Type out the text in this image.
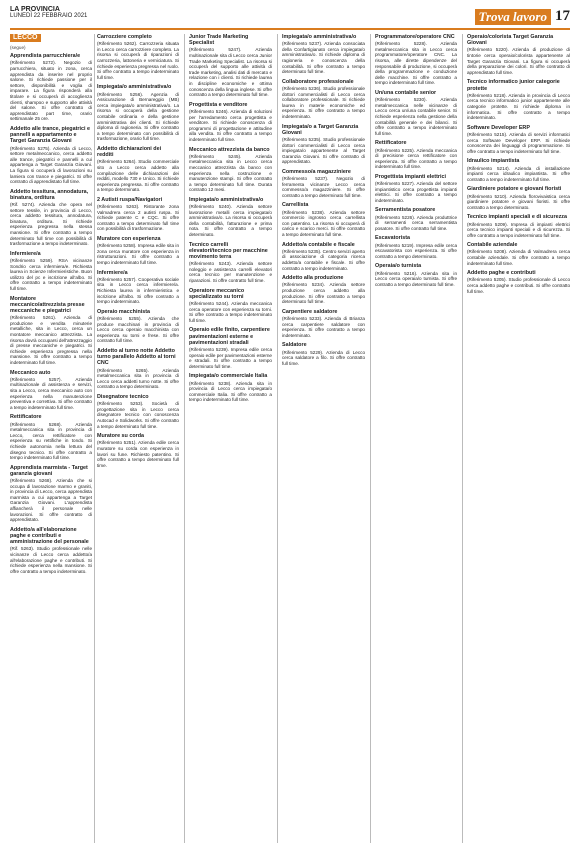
LA PROVINCIA
LUNEDÌ 22 FEBBRAIO 2021	Trova lavoro 17
LECCO
(segue)
Apprendista parrucchiera/e
(Riferimento 5272). Negozio di parrucchiera, situato in zona, cerca apprendista da inserire nel proprio salone. Si richiede passione per il settore, disponibilità e voglia di imparare. La figura risponderà alla titolare e si occuperà di accoglienza clienti, shampoo e supporto alle attività del salone. Si offre contratto di apprendistato part time, orario settimanale 25 ore.
Addetto alle trance, piegatrici e pannelli a appartamento e Target Garanzia Giovani
(Riferimento 5275). Azienda di Lecco, settore metalmeccanico, cerca addetto alle trance, piegatrici e pannelli a cui appartenga a Target Garanzia Giovani. La figura si occuperà di lavorazioni su lamiera con trance e piegatrici. Si offre contratto di apprendistato full time.
Addetto tessitura, annodatura, binatura, orditura
(Rif. 5274). Azienda che opera nel settore tessile, in provincia di Lecco, cerca addetto tessitura, annodatura, binatura, orditura. Si richiede esperienza pregressa nella stessa mansione. Si offre contratto a tempo determinato full time con possibilità di trasformazione a tempo indeterminato.
Infermiere/a
(Riferimento 5259). RSA vicinanze Sondrio cerca infermiera/e. Richiesta laurea in Scienze Infermieristiche. Buon utilizzo del pc e iscrizione all'albo. Si offre contratto a tempo indeterminato full time.
Montatore meccanico/attrezzista presse meccaniche e piegatrici
(Riferimento 5261). Azienda di produzione e vendita minuterie metalliche, sita in Lecco, cerca un montatore meccanico attrezzista. La risorsa dovrà occuparsi dell'attrezzaggio di presse meccaniche e piegatrici. Si richiede esperienza pregressa nella mansione. Si offre contratto a tempo indeterminato full time.
Meccanico auto
(Riferimento 5257). Azienda multinazionale di assistenza e servizi, sita a Lecco, cerca meccanico auto con esperienza nella manutenzione preventiva e correttiva. Si offre contratto a tempo indeterminato full time.
Rettificatore
(Riferimento 5268). Azienda metalmeccanica sita in provincia di Lecco, cerca rettificatore con esperienza su rettifiche in tondo. Si richiede autonomia nella lettura del disegno tecnico. Si offre contratto a tempo indeterminato full time.
Apprendista marmista - Target garanzia giovani
(Riferimento 5268). Azienda che si occupa di lavorazione marmo e graniti, in provincia di Lecco, cerca apprendista marmista a cui appartenga a Target Garanzia Giovani. L'apprendista affiancherà il personale nelle lavorazioni. Si offre contratto di apprendistato.
Addetto/a all'elaborazione paghe e contributi e amministrazione del personale
(Rif. 5263). Studio professionale nelle vicinanze di Lecco cerca addetto/a all'elaborazione paghe e contributi. Si richiede esperienza nella mansione. Si offre contratto a tempo indeterminato.
Carrozziere completo
(Riferimento 5262). Carrozzeria situata in Lecco cerca carrozziere completo. La risorsa si occuperà di riparazioni di carrozzeria, lattoneria e verniciatura. Si richiede esperienza pregressa nel ruolo. Si offre contratto a tempo indeterminato full time.
Impiegata/o amministrativa/o
(Riferimento 5256). Agenzia di Assicurazione di Bernareggio (MB) cerca impiegata/o amministrativa/o. La risorsa si occuperà della gestione contabile ordinaria e della gestione amministrativa dei clienti. Si richiede diploma di ragioneria. Si offre contratto a tempo determinato con possibilità di trasformazione, orario full time.
Addetto dichiarazioni dei redditi
(Riferimento 5264). Studio commerciale sito a Lecco cerca addetto alla compilazione delle dichiarazioni dei redditi, modello 730 e Unico. Si richiede esperienza pregressa. Si offre contratto a tempo determinato.
2 Autisti ruspa/Navigatori
(Riferimento 5263). Ristorante zona Valmadrera cerca 2 autisti ruspa. Si richiede patente C e CQC. Si offre contratto a tempo determinato full time con possibilità di trasformazione.
Muratore con esperienza
(Riferimento 5258). Impresa edile sita in zona cerca muratore con esperienza in ristrutturazioni. Si offre contratto a tempo indeterminato full time.
Infermiere/a
(Riferimento 5257). Cooperativa sociale sita in Lecco cerca infermiere/a. Richiesta laurea in infermieristica e iscrizione all'albo. Si offre contratto a tempo indeterminato.
Operaio macchinista
(Riferimento 5255). Azienda che produce macchinari in provincia di Lecco cerca operaio macchinista con esperienza su torni e frese. Si offre contratto full time.
Addetto al turno notte Addetto turno parallelo Addetto al torni CNC
(Riferimento 5265). Azienda metalmeccanica sita in provincia di Lecco cerca addetti turno notte. Si offre contratto a tempo determinato.
Disegnatore tecnico
(Riferimento 5253). Società di progettazione sita in Lecco cerca disegnatore tecnico con conoscenza Autocad e Solidworks. Si offre contratto a tempo determinato full time.
Muratore su corda
(Riferimento 5251). Azienda edile cerca muratore su corda con esperienza in lavori su fune. Richiesto patentino. Si offre contratto a tempo determinato full time.
Junior Trade Marketing Specialist
(Riferimento 5247). Azienda multinazionale sita di Lecco cerca Junior Trade Marketing Specialist. La risorsa si occuperà del supporto alle attività di trade marketing, analisi dati di mercato e relazione con i clienti. Si richiede laurea in discipline economiche e ottima conoscenza della lingua inglese. Si offre contratto a tempo determinato full time.
Progettista e venditore
(Riferimento 5246). Azienda di soluzioni per l'arredamento cerca progettista e venditore. Si richiede conoscenza di programmi di progettazione e attitudine alla vendita. Si offre contratto a tempo indeterminato full time.
Meccanico attrezzista da banco
(Riferimento 5245). Azienda metalmeccanica sita in Lecco cerca meccanico attrezzista da banco con esperienza nella costruzione e manutenzione stampi. Si offre contratto a tempo determinato full time. Durata contratto 12 mesi.
Impiegata/o amministrativa/o
(Riferimento 5240). Azienda settore lavorazione metalli cerca impiegata/o amministrativa/o. La risorsa si occuperà della contabilità, fatturazione e prima nota. Si offre contratto a tempo determinato.
Tecnico carrelli elevatori/tecnico per macchine movimento terra
(Riferimento 5243). Azienda settore noleggio e assistenza carrelli elevatori cerca tecnico per manutenzione e riparazioni. Si offre contratto full time.
Operatore meccanico specializzato su torni
(Riferimento 5244). Azienda meccanica cerca operatore con esperienza su torni. Si offre contratto a tempo indeterminato full time.
Operaio edile finito, carpentiere pavimentazioni esterne e pavimentazioni stradali
(Riferimento 5239). Impresa edile cerca operaio edile per pavimentazioni esterne e stradali. Si offre contratto a tempo determinato full time.
Impiegata/o commerciale Italia
(Riferimento 5238). Azienda sita in provincia di Lecco cerca impiegata/o commerciale Italia. Si offre contratto a tempo indeterminato full time.
Impiegata/o amministrativa/o
(Riferimento 5237). Azienda consociata della Confartigianato cerca impiegata/o amministrativa/o. Si richiede diploma di ragioneria e conoscenza della contabilità. Si offre contratto a tempo determinato full time.
Collaboratore professionale
(Riferimento 5236). Studio professionale dottori commercialisti di Lecco cerca collaboratore professionale. Si richiede laurea in materie economiche ed esperienza. Si offre contratto a tempo indeterminato.
Impiegata/o a Target Garanzia Giovani
(Riferimento 5235). Studio professionale dottori commercialisti di Lecco cerca impiegata/o appartenente al Target Garanzia Giovani. Si offre contratto di apprendistato.
Commesso/a magazziniere
(Riferimento 5237). Negozio di ferramenta vicinanze Lecco cerca commesso/a magazziniere. Si offre contratto a tempo determinato full time.
Carrellista
(Riferimento 5238). Azienda settore commercio ingrosso cerca carrellista con patentino. La risorsa si occuperà di carico e scarico merci. Si offre contratto a tempo determinato full time.
Addetto/a contabile e fiscale
(Riferimento 5235). Centro servizi aperto di associazione di categoria ricerca addetto/a contabile e fiscale. Si offre contratto a tempo indeterminato.
Addetto alla produzione
(Riferimento 5234). Azienda settore produzione cerca addetto alla produzione. Si offre contratto a tempo determinato full time.
Carpentiere saldatore
(Riferimento 5233). Azienda di Brianza cerca carpentiere saldatore con esperienza. Si offre contratto a tempo indeterminato.
Saldatore
(Riferimento 5229). Azienda di Lecco cerca saldatore a filo. Si offre contratto full time.
Programmatore/operatore CNC
(Riferimento 5228). Azienda metalmeccanica sita in Lecco cerca programmatore/operatore CNC. La risorsa, alle dirette dipendenze del responsabile di produzione, si occuperà della programmazione e conduzione delle macchine. Si offre contratto a tempo indeterminato full time.
Un/una contabile senior
(Riferimento 5230). Azienda metalmeccanica nelle vicinanze di Lecco cerca un/una contabile senior. Si richiede esperienza nella gestione della contabilità generale e dei bilanci. Si offre contratto a tempo indeterminato full time.
Rettificatore
(Riferimento 5225). Azienda meccanica di precisione cerca rettificatore con esperienza. Si offre contratto a tempo indeterminato full time.
Progettista impianti elettrici
(Riferimento 5227). Azienda del settore impiantistico cerca progettista impianti elettrici. Si offre contratto a tempo indeterminato.
Serramentista posatore
(Riferimento 5226). Azienda produttrice di serramenti cerca serramentista posatore. Si offre contratto full time.
Escavatorista
(Riferimento 5219). Impresa edile cerca escavatorista con esperienza. Si offre contratto a tempo determinato.
Operaia/o turnista
(Riferimento 5216). Azienda sita in Lecco cerca operaia/o turnista. Si offre contratto a tempo determinato full time.
Operaio/colorista Target Garanzia Giovani
(Riferimento 5220). Azienda di produzione di tintorie cerca operaio/colorista appartenente al Target Garanzia Giovani. La figura si occuperà della preparazione dei colori. Si offre contratto di apprendistato full time.
Tecnico informatico junior categorie protette
(Riferimento 5218). Azienda in provincia di Lecco cerca tecnico informatico junior appartenente alle categorie protette. Si richiede diploma in informatica. Si offre contratto a tempo indeterminato.
Software Developer ERP
(Riferimento 5215). Azienda di servizi informatici cerca Software Developer ERP. Si richiede conoscenza dei linguaggi di programmazione. Si offre contratto a tempo indeterminato full time.
Idraulico impiantista
(Riferimento 5214). Azienda di installazione impianti cerca idraulico impiantista. Si offre contratto a tempo indeterminato full time.
Giardiniere potatore e giovani fioristi
(Riferimento 5210). Azienda florovivaistica cerca giardiniere potatore e giovani fioristi. Si offre contratto a tempo determinato.
Tecnico impianti speciali e di sicurezza
(Riferimento 5209). Impresa di impianti elettrici cerca tecnico impianti speciali e di sicurezza. Si offre contratto a tempo indeterminato full time.
Contabile aziendale
(Riferimento 5208). Azienda di Valmadrera cerca contabile aziendale. Si offre contratto a tempo indeterminato full time.
Addetto paghe e contributi
(Riferimento 5205). Studio professionale di Lecco cerca addetto paghe e contributi. Si offre contratto full time.
